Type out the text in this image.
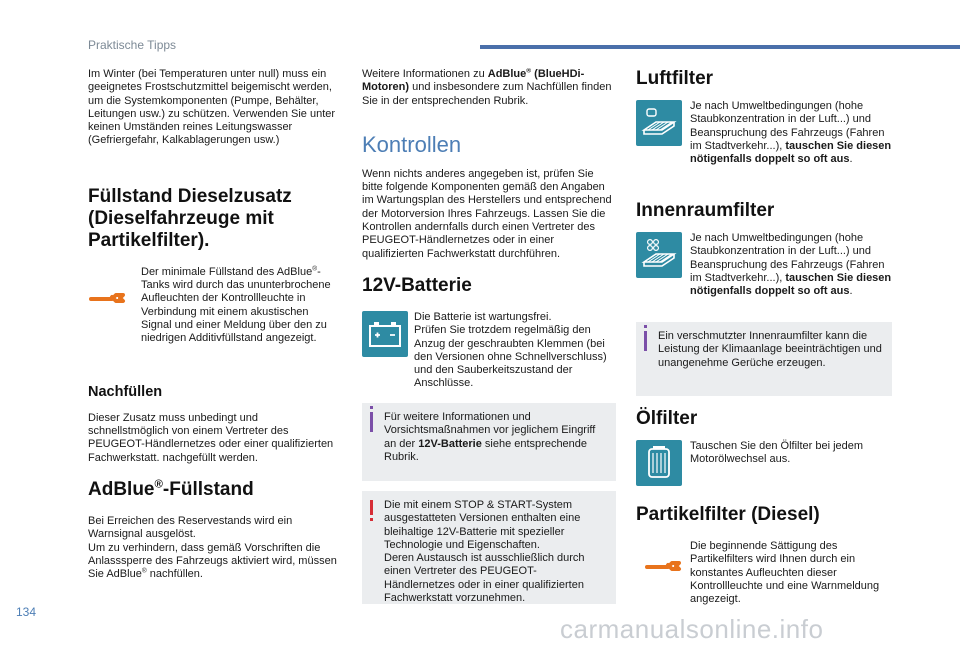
Praktische Tipps

Im Winter (bei Temperaturen unter null) muss ein geeignetes Frostschutzmittel beigemischt werden, um die Systemkomponenten (Pumpe, Behälter, Leitungen usw.) zu schützen. Verwenden Sie unter keinen Umständen reines Leitungswasser (Gefriergefahr, Kalkablagerungen usw.)

Füllstand Dieselzusatz (Dieselfahrzeuge mit Partikelfilter).

Der minimale Füllstand des AdBlue®-Tanks wird durch das ununterbrochene Aufleuchten der Kontrollleuchte in Verbindung mit einem akustischen Signal und einer Meldung über den zu niedrigen Additivfüllstand angezeigt.

Nachfüllen

Dieser Zusatz muss unbedingt und schnellstmöglich von einem Vertreter des PEUGEOT-Händlernetzes oder einer qualifizierten Fachwerkstatt. nachgefüllt werden.

AdBlue®-Füllstand

Bei Erreichen des Reservestands wird ein Warnsignal ausgelöst.
Um zu verhindern, dass gemäß Vorschriften die Anlasssperre des Fahrzeugs aktiviert wird, müssen Sie AdBlue® nachfüllen.

Weitere Informationen zu AdBlue® (BlueHDi-Motoren) und insbesondere zum Nachfüllen finden Sie in der entsprechenden Rubrik.

Kontrollen

Wenn nichts anderes angegeben ist, prüfen Sie bitte folgende Komponenten gemäß den Angaben im Wartungsplan des Herstellers und entsprechend der Motorversion Ihres Fahrzeugs. Lassen Sie die Kontrollen andernfalls durch einen Vertreter des PEUGEOT-Händlernetzes oder in einer qualifizierten Fachwerkstatt durchführen.

12V-Batterie

Die Batterie ist wartungsfrei.
Prüfen Sie trotzdem regelmäßig den Anzug der geschraubten Klemmen (bei den Versionen ohne Schnellverschluss) und den Sauberkeitszustand der Anschlüsse.

Für weitere Informationen und Vorsichtsmaßnahmen vor jeglichem Eingriff an der 12V-Batterie siehe entsprechende Rubrik.

Die mit einem STOP & START-System ausgestatteten Versionen enthalten eine bleihaltige 12V-Batterie mit spezieller Technologie und Eigenschaften.
Deren Austausch ist ausschließlich durch einen Vertreter des PEUGEOT-Händlernetzes oder in einer qualifizierten Fachwerkstatt vorzunehmen.

Luftfilter

Je nach Umweltbedingungen (hohe Staubkonzentration in der Luft...) und Beanspruchung des Fahrzeugs (Fahren im Stadtverkehr...), tauschen Sie diesen nötigenfalls doppelt so oft aus.

Innenraumfilter

Je nach Umweltbedingungen (hohe Staubkonzentration in der Luft...) und Beanspruchung des Fahrzeugs (Fahren im Stadtverkehr...), tauschen Sie diesen nötigenfalls doppelt so oft aus.

Ein verschmutzter Innenraumfilter kann die Leistung der Klimaanlage beeinträchtigen und unangenehme Gerüche erzeugen.

Ölfilter

Tauschen Sie den Ölfilter bei jedem Motorölwechsel aus.

Partikelfilter (Diesel)

Die beginnende Sättigung des Partikelfilters wird Ihnen durch ein konstantes Aufleuchten dieser Kontrollleuchte und eine Warnmeldung angezeigt.

134
carmanualsonline.info
